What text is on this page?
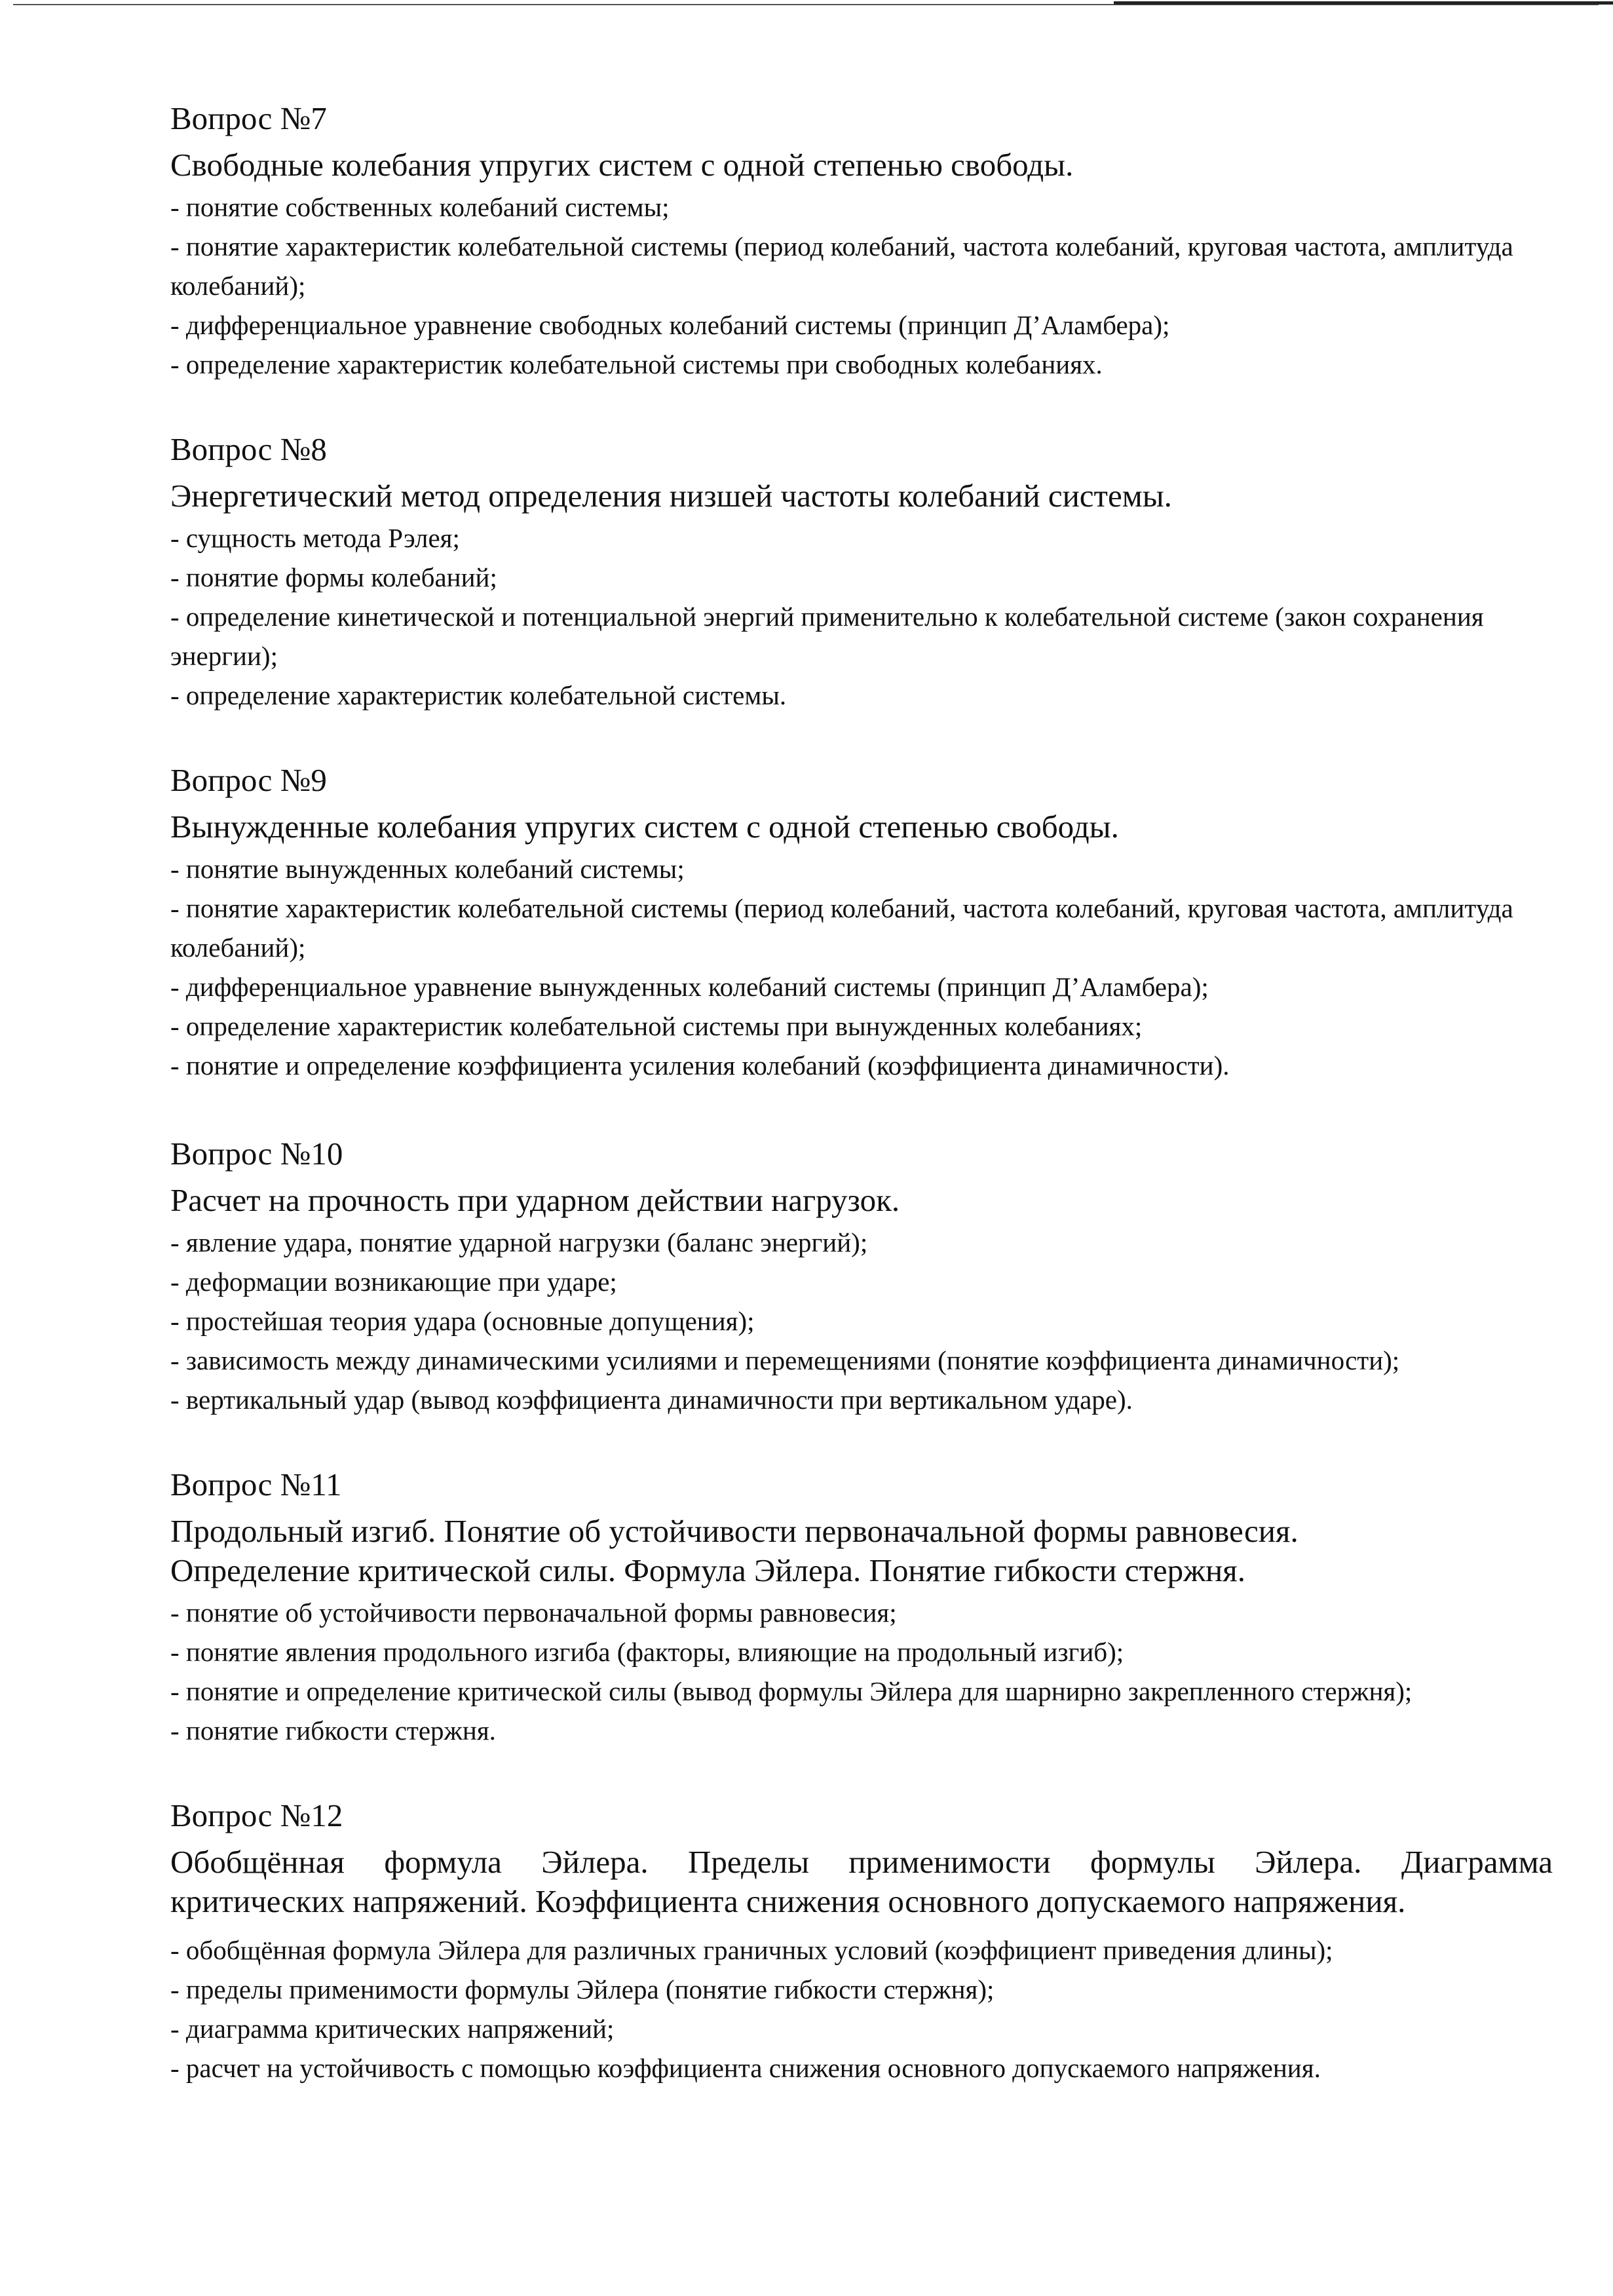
Вопрос №7

Свободные колебания упругих систем с одной степенью свободы.

- понятие собственных колебаний системы;
- понятие характеристик колебательной системы (период колебаний, частота колебаний, круговая частота, амплитуда колебаний);
- дифференциальное уравнение свободных колебаний системы (принцип Д’Аламбера);
- определение характеристик колебательной системы при свободных колебаниях.

Вопрос №8

Энергетический метод определения низшей частоты колебаний системы.

- сущность метода Рэлея;
- понятие формы колебаний;
- определение кинетической и потенциальной энергий применительно к колебательной системе (закон сохранения энергии);
- определение характеристик колебательной системы.

Вопрос №9

Вынужденные колебания упругих систем с одной степенью свободы.

- понятие вынужденных колебаний системы;
- понятие характеристик колебательной системы (период колебаний, частота колебаний, круговая частота, амплитуда колебаний);
- дифференциальное уравнение вынужденных колебаний системы (принцип Д’Аламбера);
- определение характеристик колебательной системы при вынужденных колебаниях;
- понятие и определение коэффициента усиления колебаний (коэффициента динамичности).

Вопрос №10

Расчет на прочность при ударном действии нагрузок.

- явление удара, понятие ударной нагрузки (баланс энергий);
- деформации возникающие при ударе;
- простейшая теория удара (основные допущения);
- зависимость между динамическими усилиями и перемещениями (понятие коэффициента динамичности);
- вертикальный удар (вывод коэффициента динамичности при вертикальном ударе).

Вопрос №11

Продольный изгиб. Понятие об устойчивости первоначальной формы равновесия.
Определение критической силы. Формула Эйлера. Понятие гибкости стержня.

- понятие об устойчивости первоначальной формы равновесия;
- понятие явления продольного изгиба (факторы, влияющие на продольный изгиб);
- понятие и определение критической силы (вывод формулы Эйлера для шарнирно закрепленного стержня);
- понятие гибкости стержня.

Вопрос №12

Обобщённая формула Эйлера. Пределы применимости формулы Эйлера. Диаграмма
критических напряжений. Коэффициента снижения основного допускаемого напряжения.

- обобщённая формула Эйлера для различных граничных условий (коэффициент приведения длины);
- пределы применимости формулы Эйлера (понятие гибкости стержня);
- диаграмма критических напряжений;
- расчет на устойчивость с помощью коэффициента снижения основного допускаемого напряжения.
